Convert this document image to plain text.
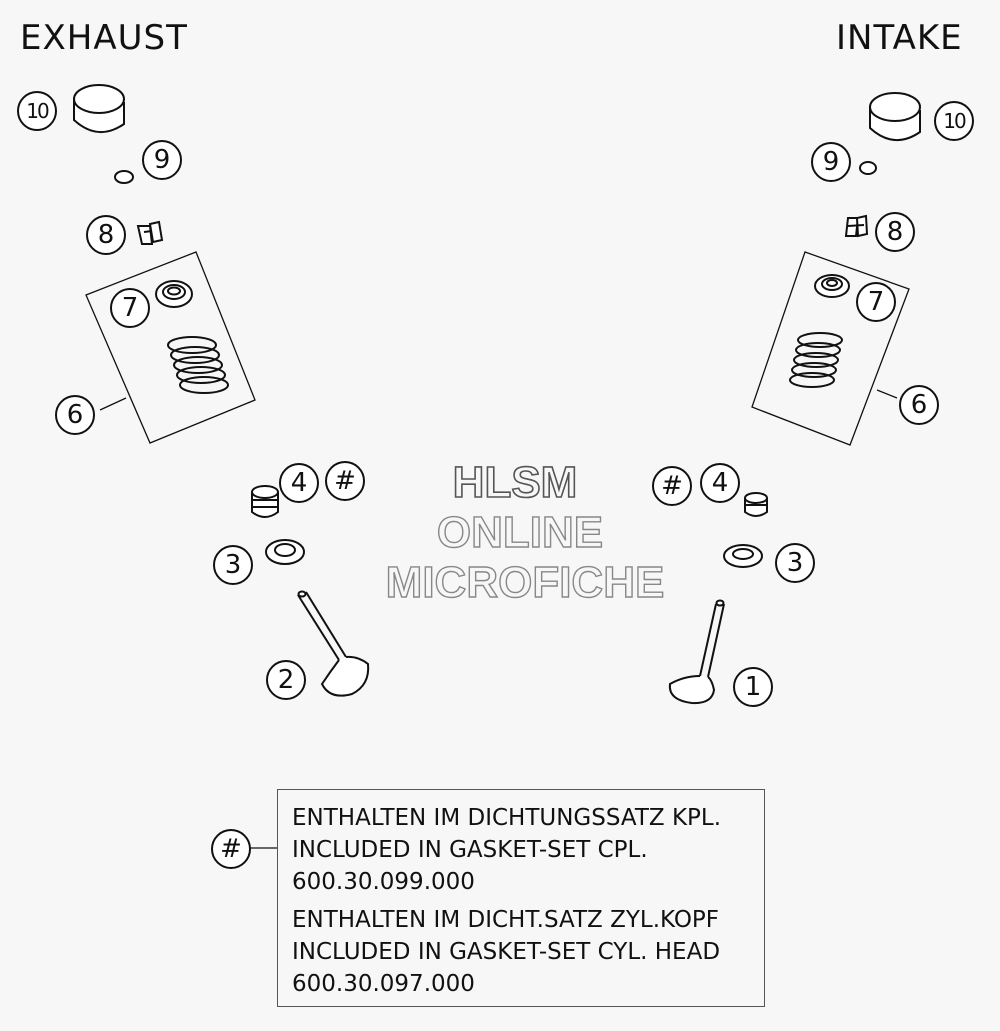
EXHAUST	INTAKE
10
9
8
7
6
4	#
3
2
10
9
8
7
6
#	4
3
1
HLSM
ONLINE
MICROFICHE
#
ENTHALTEN IM DICHTUNGSSATZ KPL.
INCLUDED IN GASKET-SET CPL.
600.30.099.000
ENTHALTEN IM DICHT.SATZ ZYL.KOPF
INCLUDED IN GASKET-SET CYL. HEAD
600.30.097.000
